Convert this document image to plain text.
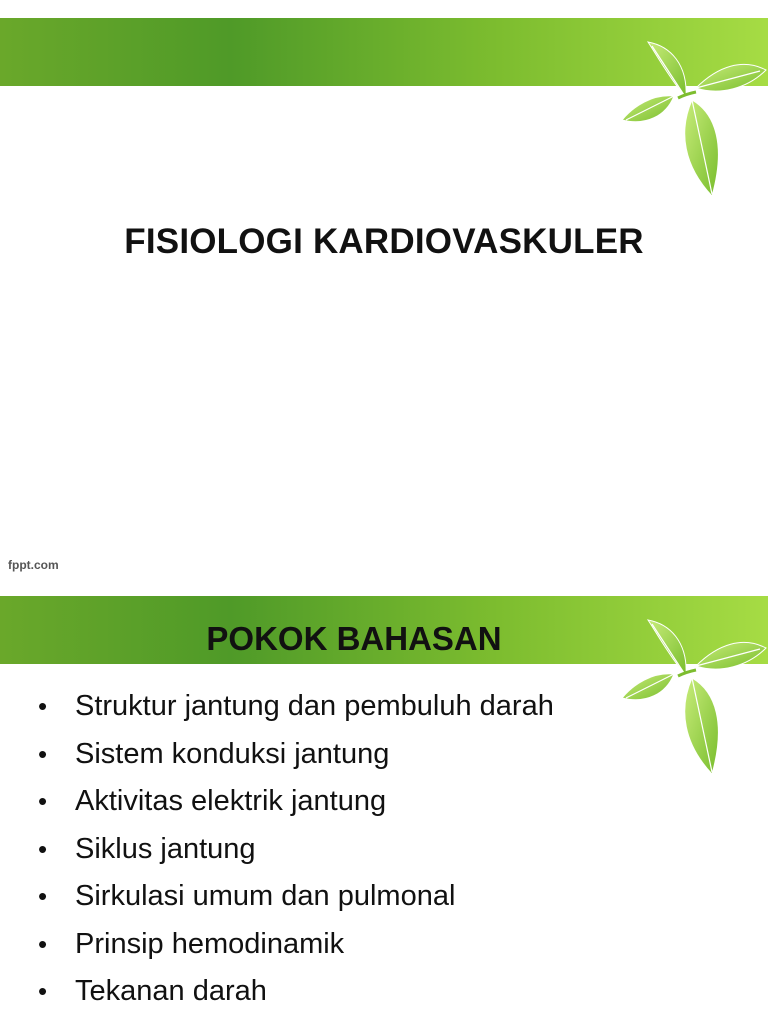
FISIOLOGI KARDIOVASKULER
fppt.com
POKOK BAHASAN
• Struktur jantung dan pembuluh darah
• Sistem konduksi jantung
• Aktivitas elektrik jantung
• Siklus jantung
• Sirkulasi umum dan pulmonal
• Prinsip hemodinamik
• Tekanan darah
